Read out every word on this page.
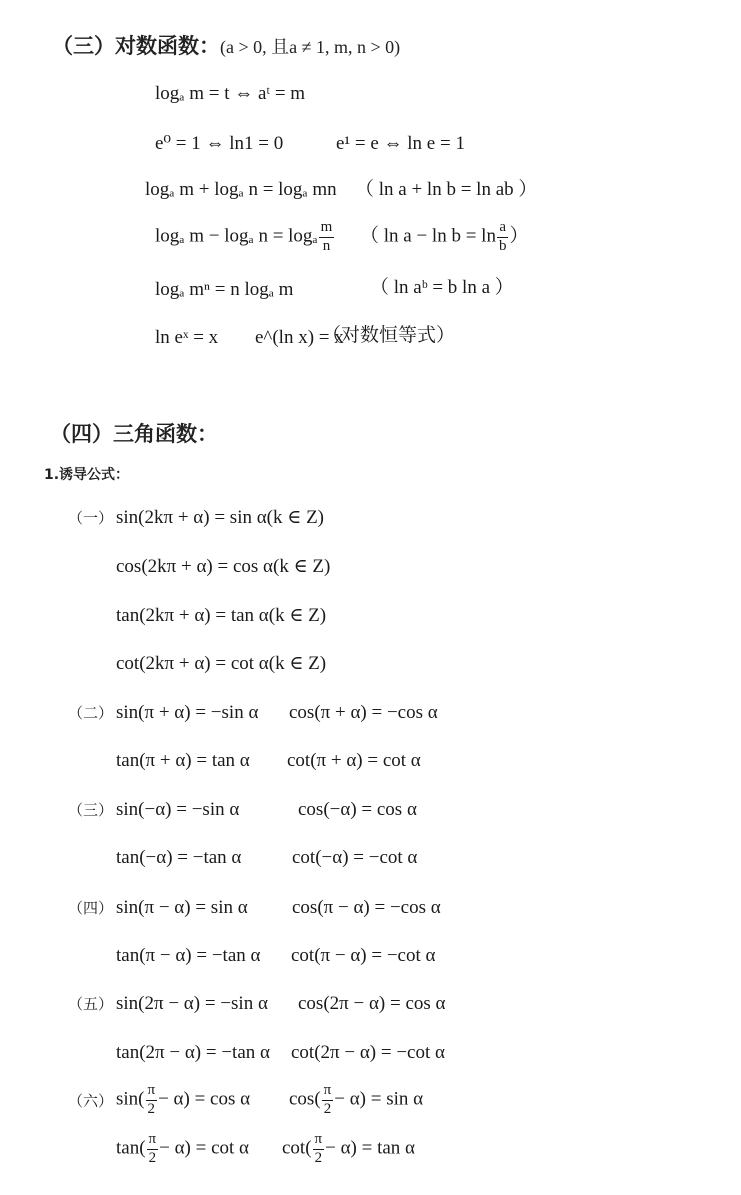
（三）对数函数：(a > 0, 且a ≠ 1, m, n > 0)
logₐ m = t ⇔ aᵗ = m
e⁰ = 1 ⇔ ln1 = 0	e¹ = e ⇔ ln e = 1
logₐ m + logₐ n = logₐ mn （ ln a + ln b = ln ab ）
logₐ m − logₐ n = logₐ $\frac{m}{n}$ （ $\ln a - \ln b = \ln \frac{a}{b}$ ）
logₐ mⁿ = n logₐ m	（ ln aᵇ = b ln a ）
ln eˣ = x e^(ln x) = x
（对数恒等式）
（四）三角函数：
1.诱导公式：
（一） sin(2kπ + α) = sin α(k ∈ Z)
cos(2kπ + α) = cos α(k ∈ Z)
tan(2kπ + α) = tan α(k ∈ Z)
cot(2kπ + α) = cot α(k ∈ Z)
（二） sin(π + α) = −sin α cos(π + α) = −cos α
tan(π + α) = tan α cot(π + α) = cot α
（三） sin(−α) = −sin α	cos(−α) = cos α
tan(−α) = −tan α	cot(−α) = −cot α
（四） sin(π − α) = sin α cos(π − α) = −cos α
tan(π − α) = −tan α cot(π − α) = −cot α
（五） sin(2π − α) = −sin α cos(2π − α) = cos α
tan(2π − α) = −tan α cot(2π − α) = −cot α
（六） $\sin( \frac{\pi}{2} - \alpha) = \cos \alpha$ $\cos( \frac{\pi}{2} - \alpha) = \sin \alpha$
$\tan( \frac{\pi}{2} - \alpha) = \cot \alpha$ $\cot( \frac{\pi}{2} - \alpha) = \tan \alpha$
